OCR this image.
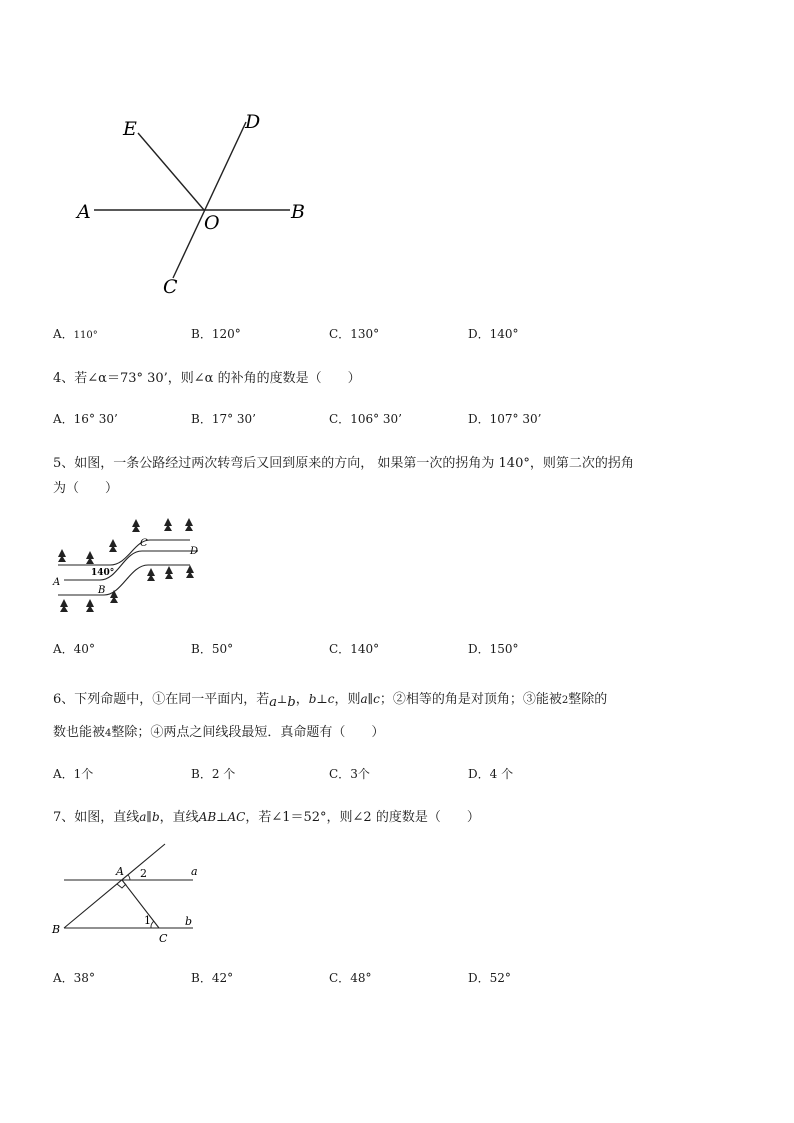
E	D
A	O	B
C
A．110°	B．120°	C．130°	D．140°
4、若∠α＝73° 30’，则∠α 的补角的度数是（　　）
A．16° 30’	B．17° 30’	C．106° 30’	D．107° 30’
5、如图，一条公路经过两次转弯后又回到原来的方向， 如果第一次的拐角为 140°，则第二次的拐角
为（　　）
A
B
C
D
140°
A．40°	B．50°	C．140°	D．150°
6、下列命题中，①在同一平面内，若a⊥b，b⊥c，则a∥c；②相等的角是对顶角；③能被2整除的
数也能被4整除；④两点之间线段最短．真命题有（　　）
A．1个	B．2 个	C．3个	D．4 个
7、如图，直线a∥b，直线AB⊥AC，若∠1＝52°，则∠2 的度数是（　　）
A 2	a
B
1	b
C
A．38°	B．42°	C．48°	D．52°
